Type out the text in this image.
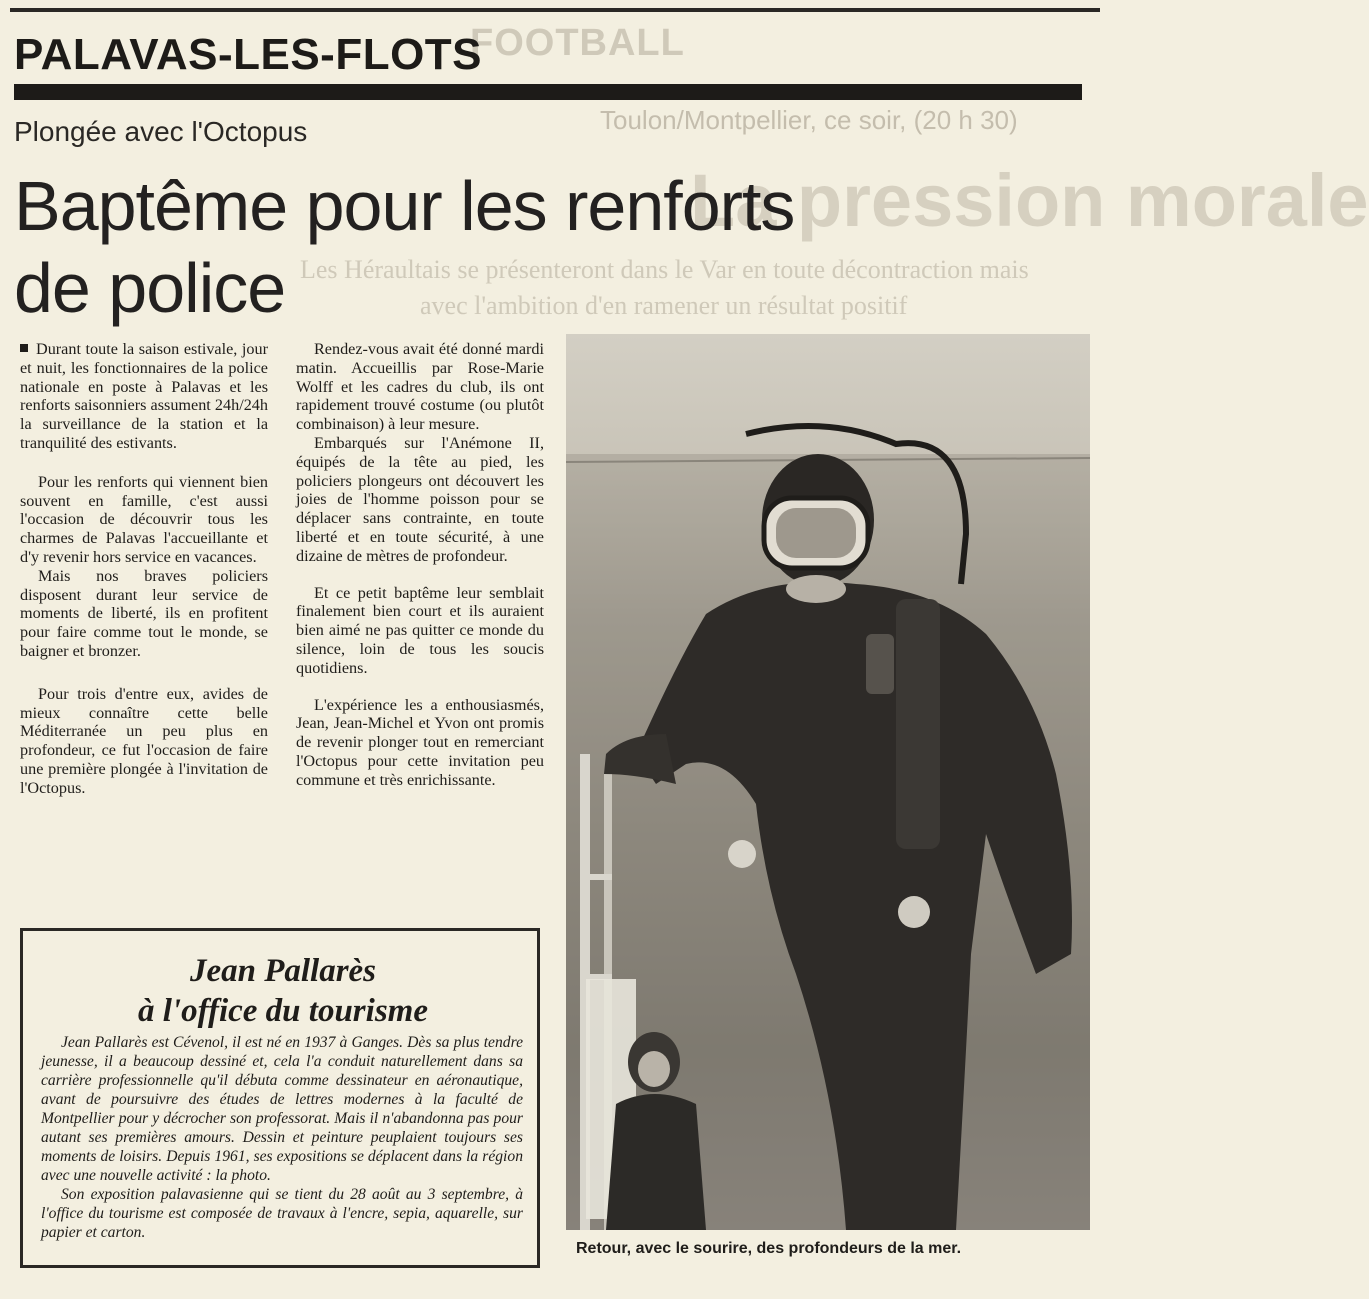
FOOTBALL
Toulon/Montpellier, ce soir, (20 h 30)
La pression morale
Les Héraultais se présenteront dans le Var en toute décontraction mais
avec l'ambition d'en ramener un résultat positif
PALAVAS-LES-FLOTS
Plongée avec l'Octopus
Baptême pour les renforts
de police

Durant toute la saison estivale, jour et nuit, les fonctionnaires de la police nationale en poste à Palavas et les renforts saisonniers assument 24h/24h la surveillance de la station et la tranquilité des estivants.

Pour les renforts qui viennent bien souvent en famille, c'est aussi l'occasion de découvrir tous les charmes de Palavas l'accueillante et d'y revenir hors service en vacances.

Mais nos braves policiers disposent durant leur service de moments de liberté, ils en profitent pour faire comme tout le monde, se baigner et bronzer.

Pour trois d'entre eux, avides de mieux connaître cette belle Méditerranée un peu plus en profondeur, ce fut l'occasion de faire une première plongée à l'invitation de l'Octopus.

Rendez-vous avait été donné mardi matin. Accueillis par Rose-Marie Wolff et les cadres du club, ils ont rapidement trouvé costume (ou plutôt combinaison) à leur mesure.

Embarqués sur l'Anémone II, équipés de la tête au pied, les policiers plongeurs ont découvert les joies de l'homme poisson pour se déplacer sans contrainte, en toute liberté et en toute sécurité, à une dizaine de mètres de profondeur.

Et ce petit baptême leur semblait finalement bien court et ils auraient bien aimé ne pas quitter ce monde du silence, loin de tous les soucis quotidiens.

L'expérience les a enthousiasmés, Jean, Jean-Michel et Yvon ont promis de revenir plonger tout en remerciant l'Octopus pour cette invitation peu commune et très enrichissante.

Retour, avec le sourire, des profondeurs de la mer.
Jean Pallarès
à l'office du tourisme

Jean Pallarès est Cévenol, il est né en 1937 à Ganges. Dès sa plus tendre jeunesse, il a beaucoup dessiné et, cela l'a conduit naturellement dans sa carrière professionnelle qu'il débuta comme dessinateur en aéronautique, avant de poursuivre des études de lettres modernes à la faculté de Montpellier pour y décrocher son professorat. Mais il n'abandonna pas pour autant ses premières amours. Dessin et peinture peuplaient toujours ses moments de loisirs. Depuis 1961, ses expositions se déplacent dans la région avec une nouvelle activité : la photo.

Son exposition palavasienne qui se tient du 28 août au 3 septembre, à l'office du tourisme est composée de travaux à l'encre, sepia, aquarelle, sur papier et carton.
